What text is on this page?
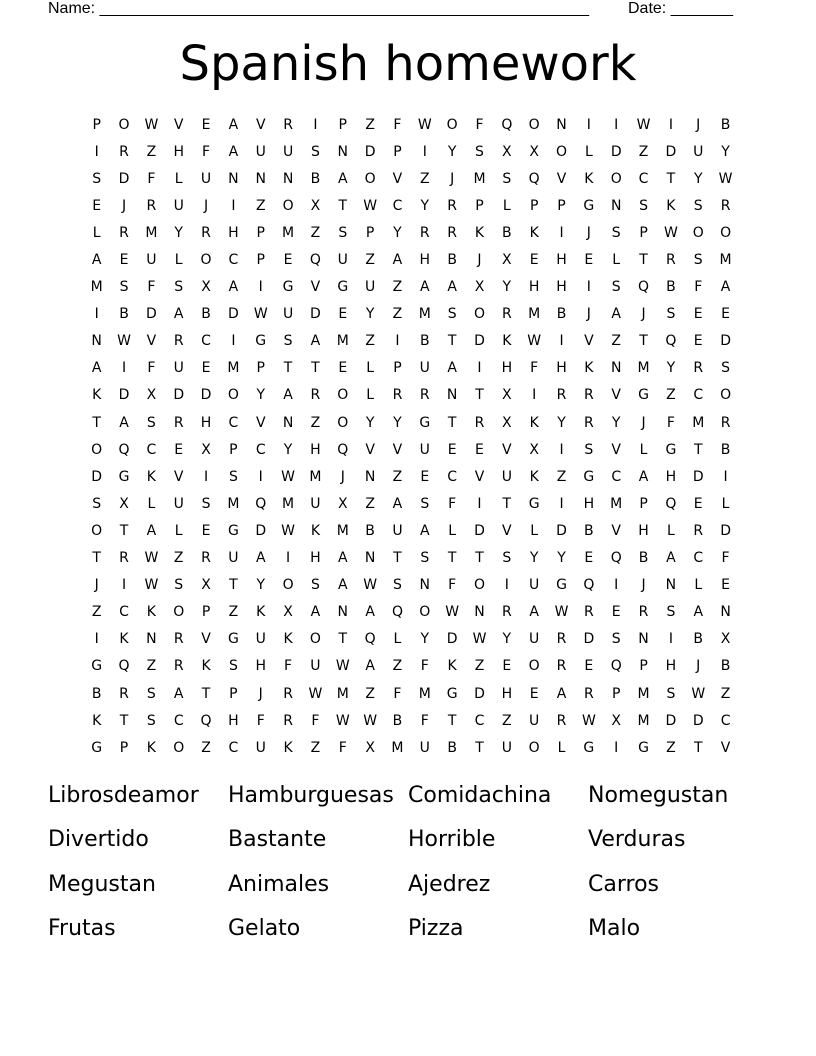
Name: _______________________________________________________ Date: _______
Spanish homework
P	O	W	V	E	A	V	R	I	P	Z	F	W	O	F	Q	O	N	I	I	W	I	J	B
I	R	Z	H	F	A	U	U	S	N	D	P	I	Y	S	X	X	O	L	D	Z	D	U	Y
S	D	F	L	U	N	N	N	B	A	O	V	Z	J	M	S	Q	V	K	O	C	T	Y	W
E	J	R	U	J	I	Z	O	X	T	W	C	Y	R	P	L	P	P	G	N	S	K	S	R
L	R	M	Y	R	H	P	M	Z	S	P	Y	R	R	K	B	K	I	J	S	P	W	O	O
A	E	U	L	O	C	P	E	Q	U	Z	A	H	B	J	X	E	H	E	L	T	R	S	M
M	S	F	S	X	A	I	G	V	G	U	Z	A	A	X	Y	H	H	I	S	Q	B	F	A
I	B	D	A	B	D	W	U	D	E	Y	Z	M	S	O	R	M	B	J	A	J	S	E	E
N	W	V	R	C	I	G	S	A	M	Z	I	B	T	D	K	W	I	V	Z	T	Q	E	D
A	I	F	U	E	M	P	T	T	E	L	P	U	A	I	H	F	H	K	N	M	Y	R	S
K	D	X	D	D	O	Y	A	R	O	L	R	R	N	T	X	I	R	R	V	G	Z	C	O
T	A	S	R	H	C	V	N	Z	O	Y	Y	G	T	R	X	K	Y	R	Y	J	F	M	R
O	Q	C	E	X	P	C	Y	H	Q	V	V	U	E	E	V	X	I	S	V	L	G	T	B
D	G	K	V	I	S	I	W	M	J	N	Z	E	C	V	U	K	Z	G	C	A	H	D	I
S	X	L	U	S	M	Q	M	U	X	Z	A	S	F	I	T	G	I	H	M	P	Q	E	L
O	T	A	L	E	G	D	W	K	M	B	U	A	L	D	V	L	D	B	V	H	L	R	D
T	R	W	Z	R	U	A	I	H	A	N	T	S	T	T	S	Y	Y	E	Q	B	A	C	F
J	I	W	S	X	T	Y	O	S	A	W	S	N	F	O	I	U	G	Q	I	J	N	L	E
Z	C	K	O	P	Z	K	X	A	N	A	Q	O	W	N	R	A	W	R	E	R	S	A	N
I	K	N	R	V	G	U	K	O	T	Q	L	Y	D	W	Y	U	R	D	S	N	I	B	X
G	Q	Z	R	K	S	H	F	U	W	A	Z	F	K	Z	E	O	R	E	Q	P	H	J	B
B	R	S	A	T	P	J	R	W	M	Z	F	M	G	D	H	E	A	R	P	M	S	W	Z
K	T	S	C	Q	H	F	R	F	W W	B	F	T	C	Z	U	R	W	X	M	D	D	C
G	P	K	O	Z	C	U	K	Z	F	X	M	U	B	T	U	O	L	G	I	G	Z	T	V
Librosdeamor	Hamburguesas Comidachina	Nomegustan
Divertido	Bastante	Horrible	Verduras
Megustan	Animales	Ajedrez	Carros
Frutas	Gelato	Pizza	Malo
